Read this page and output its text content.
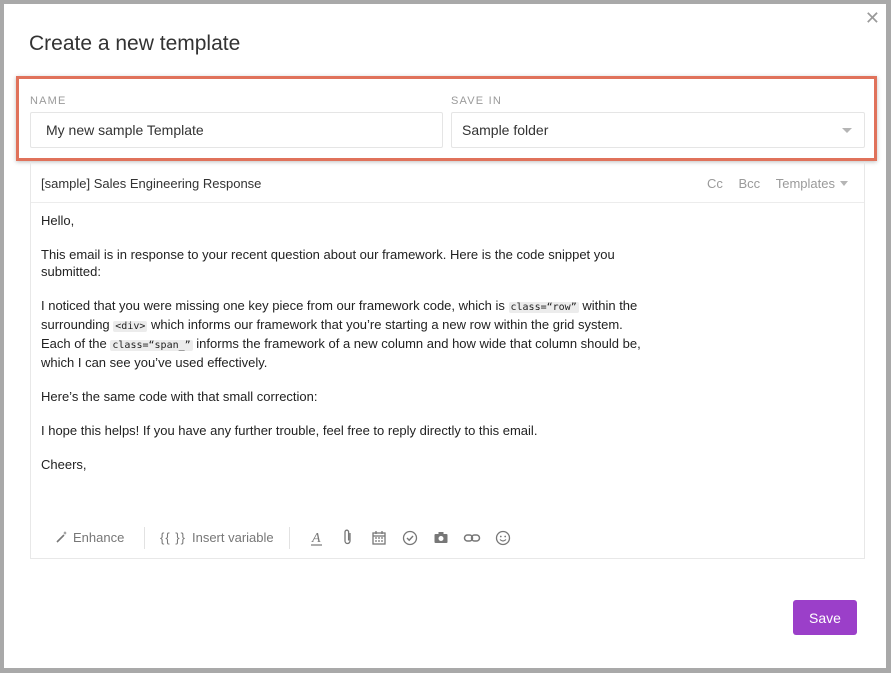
✕
Create a new template
NAME
My new sample Template
SAVE IN
Sample folder
[sample] Sales Engineering Response	Cc Bcc Templates

Hello,

This email is in response to your recent question about our framework. Here is the code snippet you submitted:

I noticed that you were missing one key piece from our framework code, which is class=“row” within the surrounding <div> which informs our framework that you’re starting a new row within the grid system. Each of the class=“span_” informs the framework of a new column and how wide that column should be, which I can see you’ve used effectively.

Here’s the same code with that small correction:

I hope this helps! If you have any further trouble, feel free to reply directly to this email.

Cheers,

Enhance	{{ }} Insert variable	A
Save
